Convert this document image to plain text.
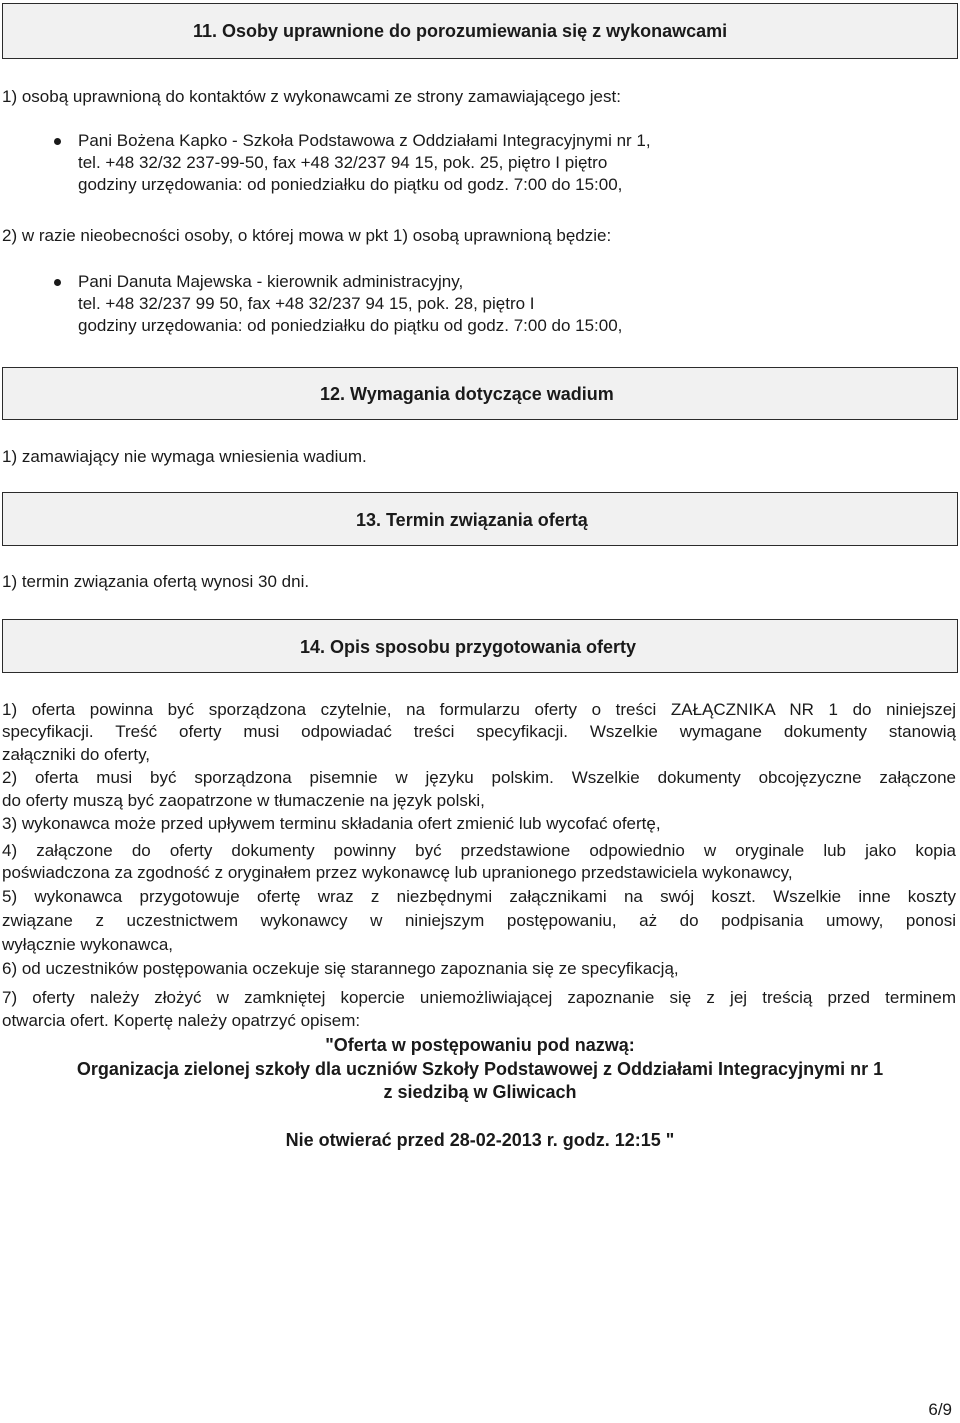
11. Osoby uprawnione do porozumiewania się z wykonawcami
1) osobą uprawnioną do kontaktów z wykonawcami ze strony zamawiającego jest:
Pani Bożena Kapko - Szkoła Podstawowa z Oddziałami Integracyjnymi nr 1,
tel. +48 32/32 237-99-50, fax +48 32/237 94 15, pok. 25, piętro I piętro
godziny urzędowania: od poniedziałku do piątku od godz. 7:00 do 15:00,
2) w razie nieobecności osoby, o której mowa w pkt 1) osobą uprawnioną będzie:
Pani Danuta Majewska - kierownik administracyjny,
tel. +48 32/237 99 50, fax +48 32/237 94 15, pok. 28, piętro I
godziny urzędowania: od poniedziałku do piątku od godz. 7:00 do 15:00,
12. Wymagania dotyczące wadium
1) zamawiający nie wymaga wniesienia wadium.
13. Termin związania ofertą
1) termin związania ofertą wynosi 30 dni.
14. Opis sposobu przygotowania oferty
1) oferta powinna być sporządzona czytelnie, na formularzu oferty o treści ZAŁĄCZNIKA NR 1 do niniejszej
specyfikacji. Treść oferty musi odpowiadać treści specyfikacji. Wszelkie wymagane dokumenty stanowią
załączniki do oferty,
2) oferta musi być sporządzona pisemnie w języku polskim. Wszelkie dokumenty obcojęzyczne załączone
do oferty muszą być zaopatrzone w tłumaczenie na język polski,
3) wykonawca może przed upływem terminu składania ofert zmienić lub wycofać ofertę,
4) załączone do oferty dokumenty powinny być przedstawione odpowiednio w oryginale lub jako kopia
poświadczona za zgodność z oryginałem przez wykonawcę lub upranionego przedstawiciela wykonawcy,
5) wykonawca przygotowuje ofertę wraz z niezbędnymi załącznikami na swój koszt. Wszelkie inne koszty
związane z uczestnictwem wykonawcy w niniejszym postępowaniu, aż do podpisania umowy, ponosi
wyłącznie wykonawca,
6) od uczestników postępowania oczekuje się starannego zapoznania się ze specyfikacją,
7) oferty należy złożyć w zamkniętej kopercie uniemożliwiającej zapoznanie się z jej treścią przed terminem
otwarcia ofert. Kopertę należy opatrzyć opisem:
"Oferta w postępowaniu pod nazwą:
Organizacja zielonej szkoły dla uczniów Szkoły Podstawowej z Oddziałami Integracyjnymi nr 1
z siedzibą w Gliwicach
Nie otwierać przed 28-02-2013 r. godz. 12:15 "
6/9
